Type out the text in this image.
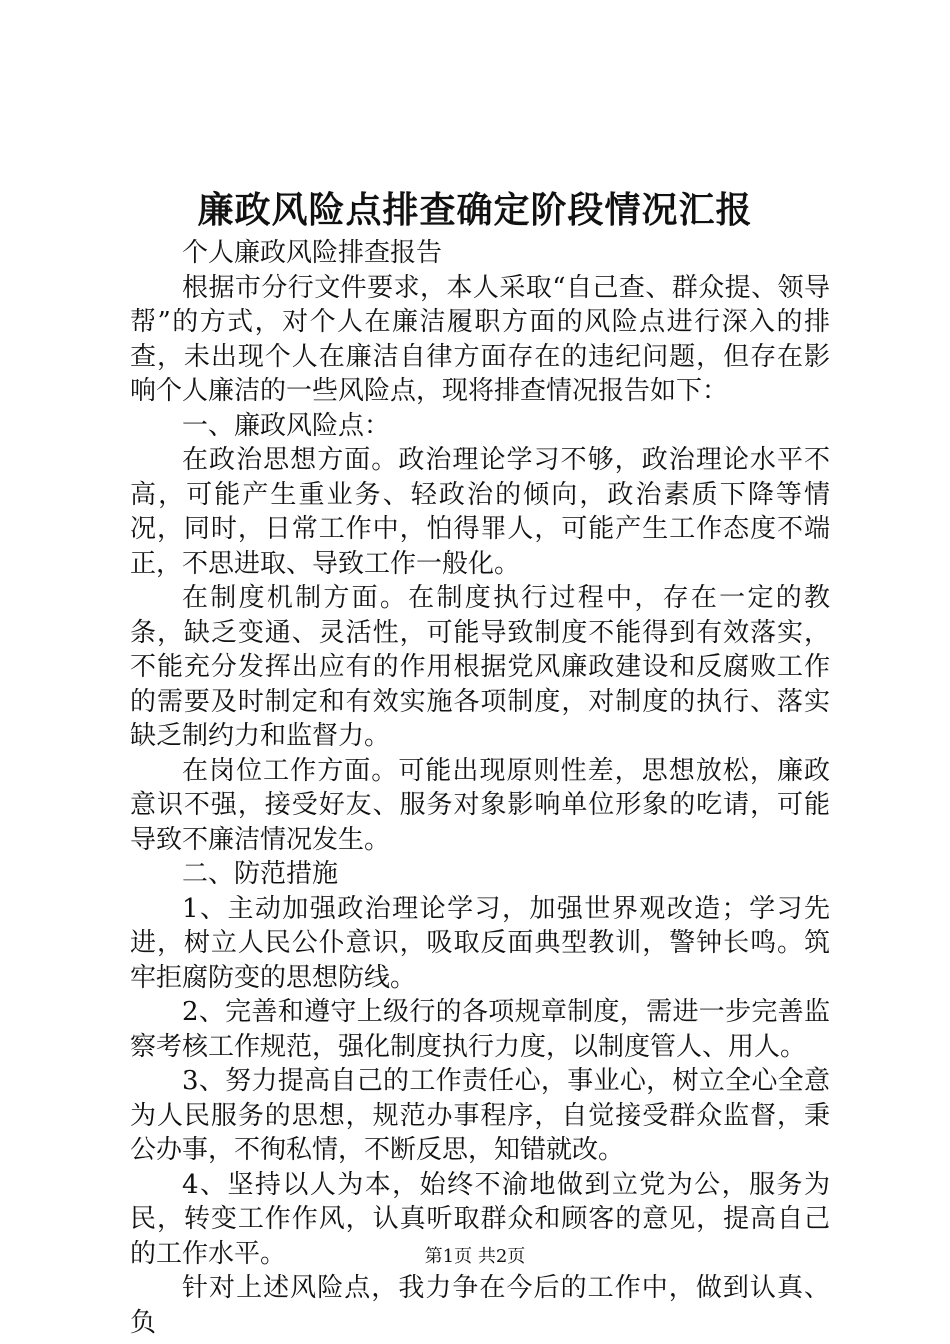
廉政风险点排查确定阶段情况汇报

个人廉政风险排查报告

根据市分行文件要求，本人采取“自己查、群众提、领导帮”的方式，对个人在廉洁履职方面的风险点进行深入的排查，未出现个人在廉洁自律方面存在的违纪问题，但存在影响个人廉洁的一些风险点，现将排查情况报告如下：

一、廉政风险点：

在政治思想方面。政治理论学习不够，政治理论水平不高，可能产生重业务、轻政治的倾向，政治素质下降等情况，同时，日常工作中，怕得罪人，可能产生工作态度不端正，不思进取、导致工作一般化。

在制度机制方面。在制度执行过程中，存在一定的教条，缺乏变通、灵活性，可能导致制度不能得到有效落实，不能充分发挥出应有的作用根据党风廉政建设和反腐败工作的需要及时制定和有效实施各项制度，对制度的执行、落实缺乏制约力和监督力。

在岗位工作方面。可能出现原则性差，思想放松，廉政意识不强，接受好友、服务对象影响单位形象的吃请，可能导致不廉洁情况发生。

二、防范措施

1、主动加强政治理论学习，加强世界观改造；学习先进，树立人民公仆意识，吸取反面典型教训，警钟长鸣。筑牢拒腐防变的思想防线。

2、完善和遵守上级行的各项规章制度，需进一步完善监察考核工作规范，强化制度执行力度，以制度管人、用人。

3、努力提高自己的工作责任心，事业心，树立全心全意为人民服务的思想，规范办事程序，自觉接受群众监督，秉公办事，不徇私情，不断反思，知错就改。

4、坚持以人为本，始终不渝地做到立党为公，服务为民，转变工作作风，认真听取群众和顾客的意见，提高自己的工作水平。

针对上述风险点，我力争在今后的工作中，做到认真、负

第1页 共2页
